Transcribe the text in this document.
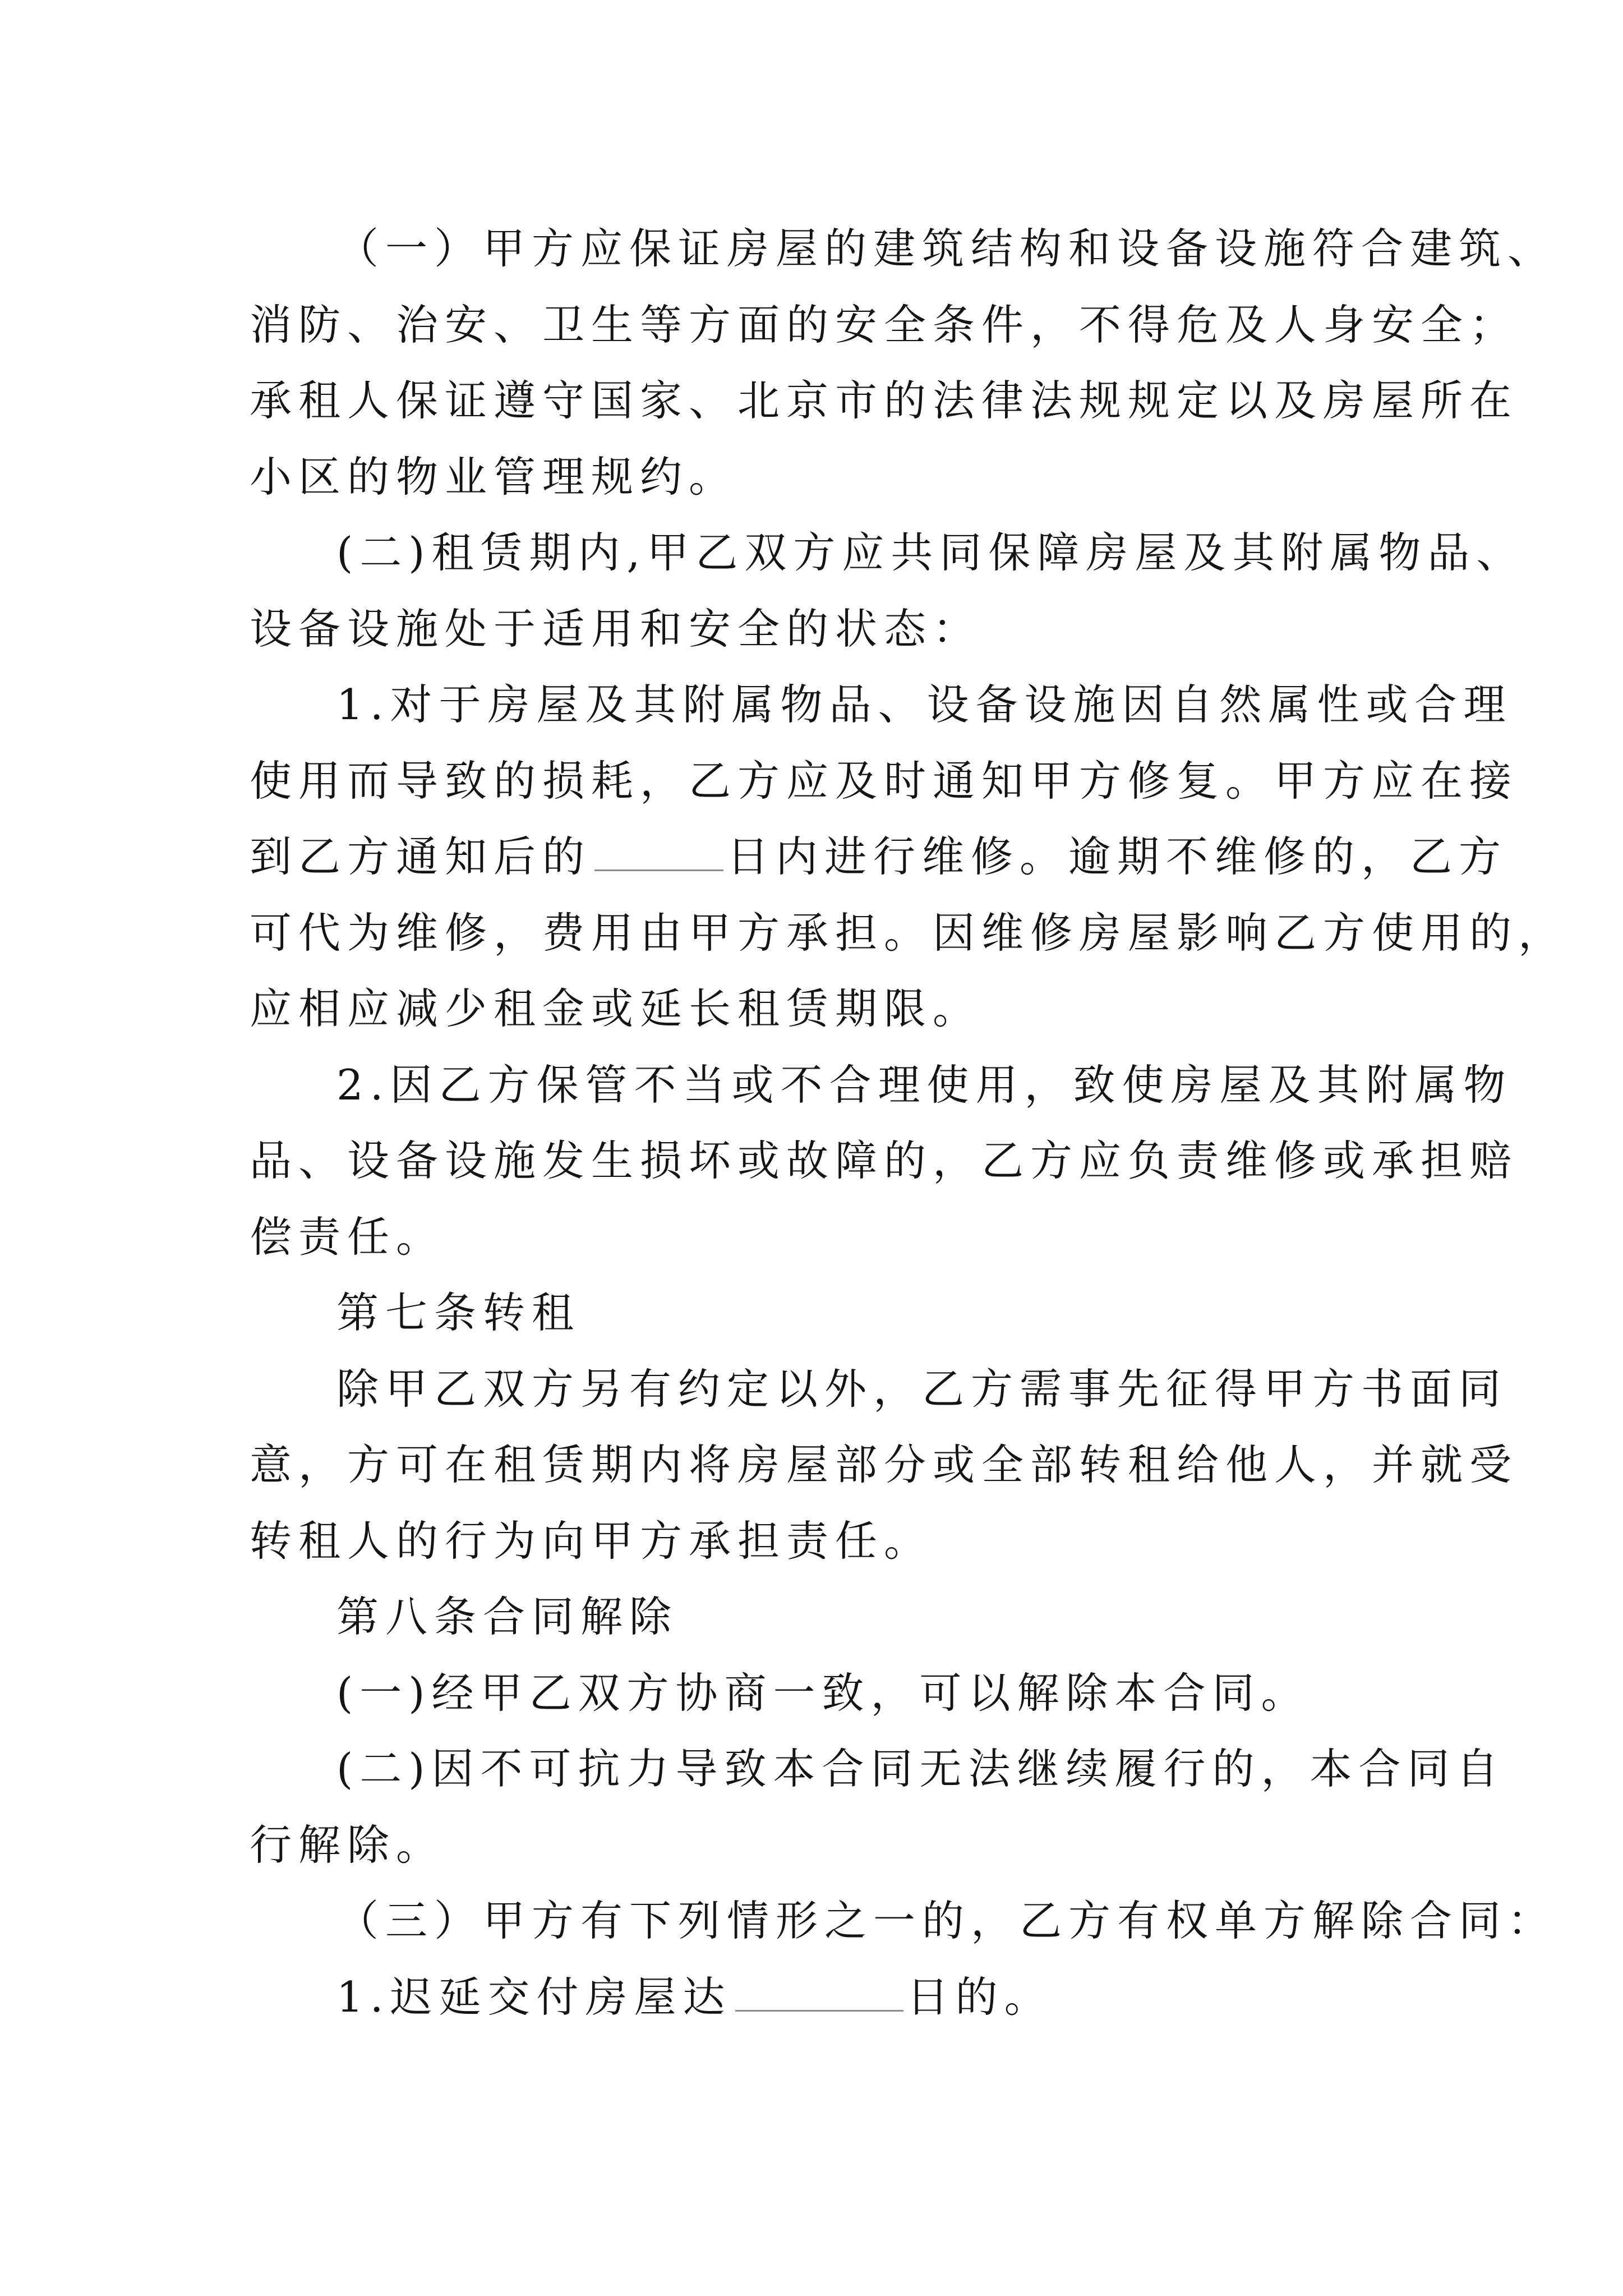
（一）甲方应保证房屋的建筑结构和设备设施符合建筑、
消防、治安、卫生等方面的安全条件，不得危及人身安全；
承租人保证遵守国家、北京市的法律法规规定以及房屋所在
小区的物业管理规约。
(二)租赁期内,甲乙双方应共同保障房屋及其附属物品、
设备设施处于适用和安全的状态：
1.对于房屋及其附属物品、设备设施因自然属性或合理
使用而导致的损耗，乙方应及时通知甲方修复。甲方应在接
到乙方通知后的	日内进行维修。逾期不维修的，乙方
可代为维修，费用由甲方承担。因维修房屋影响乙方使用的，
应相应减少租金或延长租赁期限。
2.因乙方保管不当或不合理使用，致使房屋及其附属物
品、设备设施发生损坏或故障的，乙方应负责维修或承担赔
偿责任。
第七条转租
除甲乙双方另有约定以外，乙方需事先征得甲方书面同
意，方可在租赁期内将房屋部分或全部转租给他人，并就受
转租人的行为向甲方承担责任。
第八条合同解除
(一)经甲乙双方协商一致，可以解除本合同。
(二)因不可抗力导致本合同无法继续履行的，本合同自
行解除。
（三）甲方有下列情形之一的，乙方有权单方解除合同：
1.迟延交付房屋达	日的。
